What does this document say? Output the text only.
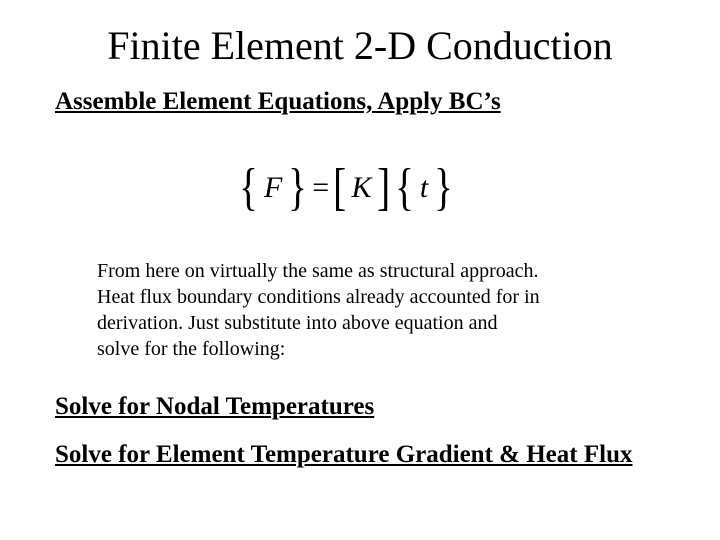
Finite Element 2-D Conduction
Assemble Element Equations, Apply BC’s
{ F } = [ K ] { t }
From here on virtually the same as structural approach.
Heat flux boundary conditions already accounted for in
derivation. Just substitute into above equation and
solve for the following:
Solve for Nodal Temperatures
Solve for Element Temperature Gradient & Heat Flux
